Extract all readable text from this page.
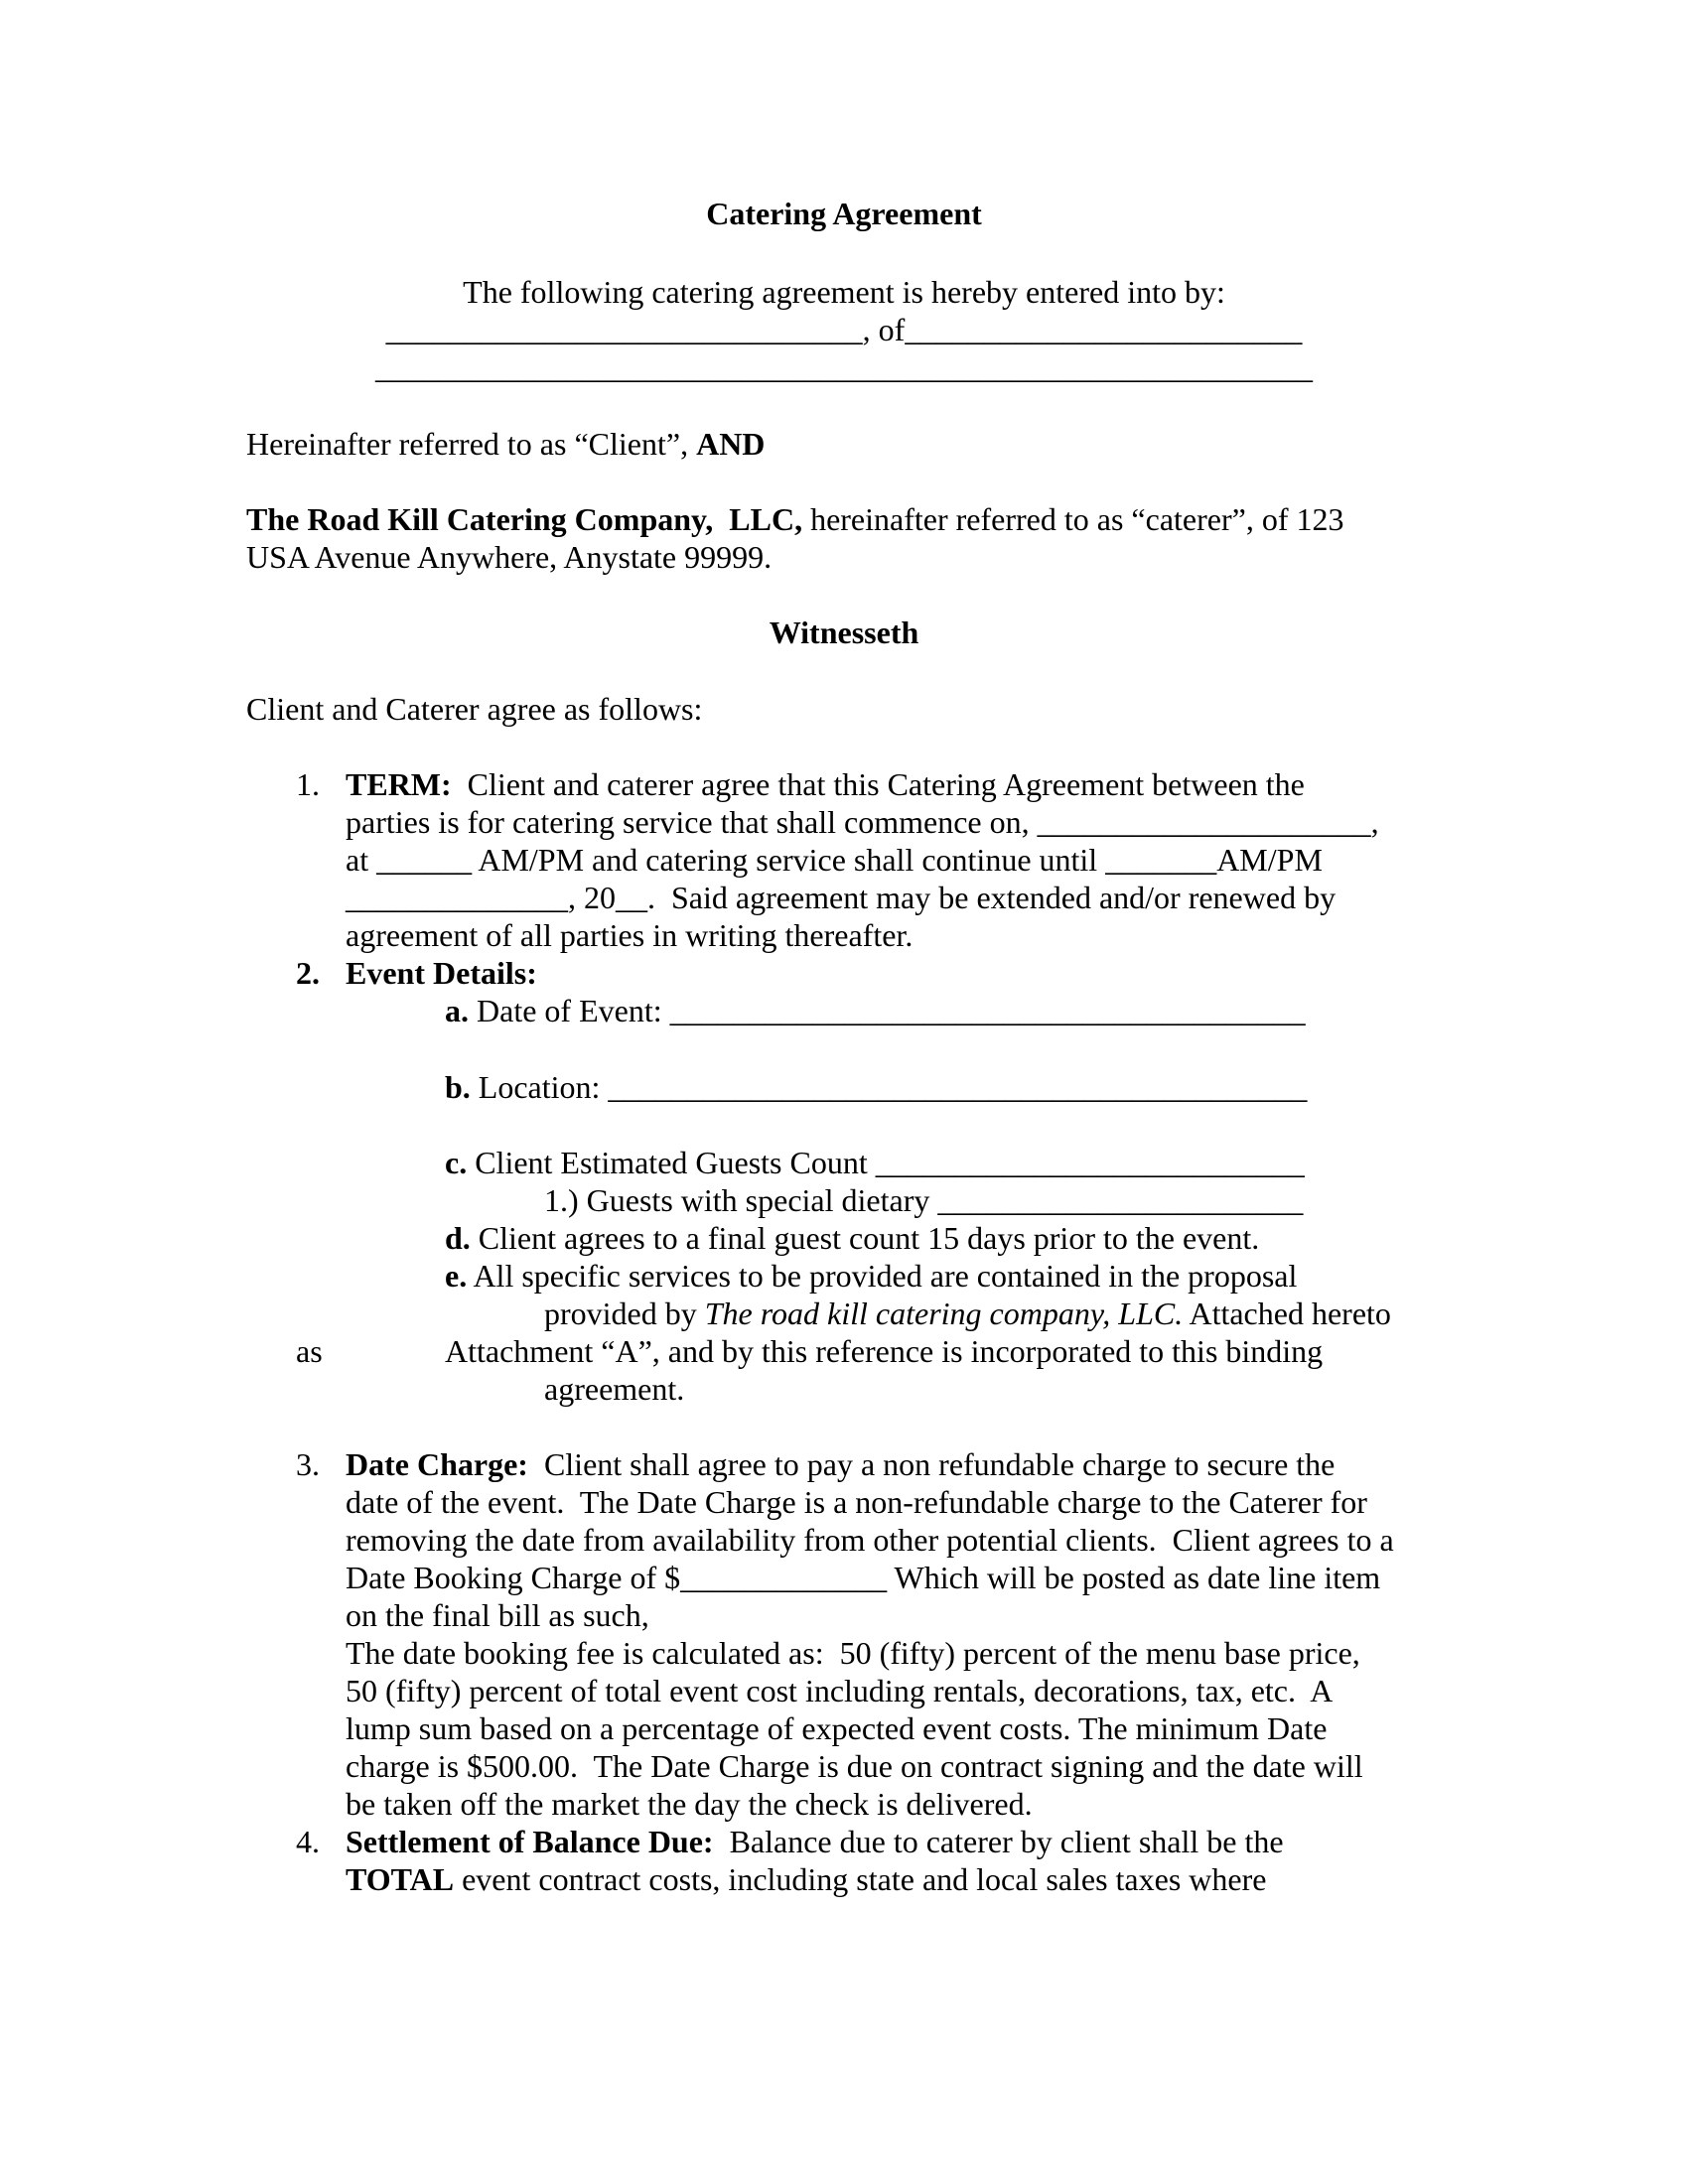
Catering Agreement
The following catering agreement is hereby entered into by:
______________________________, of_________________________
___________________________________________________________
Hereinafter referred to as “Client”, AND
The Road Kill Catering Company,  LLC, hereinafter referred to as “caterer”, of 123
USA Avenue Anywhere, Anystate 99999.
Witnesseth
Client and Caterer agree as follows:
1. TERM:  Client and caterer agree that this Catering Agreement between the
parties is for catering service that shall commence on, _____________________,
at ______ AM/PM and catering service shall continue until _______AM/PM
______________, 20__.  Said agreement may be extended and/or renewed by
agreement of all parties in writing thereafter.
2. Event Details:
a. Date of Event: ________________________________________
b. Location: ____________________________________________
c. Client Estimated Guests Count ___________________________
1.) Guests with special dietary _______________________
d. Client agrees to a final guest count 15 days prior to the event.
e. All specific services to be provided are contained in the proposal
provided by The road kill catering company, LLC. Attached hereto
as	Attachment “A”, and by this reference is incorporated to this binding
agreement.
3. Date Charge:  Client shall agree to pay a non refundable charge to secure the
date of the event.  The Date Charge is a non-refundable charge to the Caterer for
removing the date from availability from other potential clients.  Client agrees to a
Date Booking Charge of $_____________ Which will be posted as date line item
on the final bill as such,
The date booking fee is calculated as:  50 (fifty) percent of the menu base price,
50 (fifty) percent of total event cost including rentals, decorations, tax, etc.  A
lump sum based on a percentage of expected event costs. The minimum Date
charge is $500.00.  The Date Charge is due on contract signing and the date will
be taken off the market the day the check is delivered.
4. Settlement of Balance Due:  Balance due to caterer by client shall be the
TOTAL event contract costs, including state and local sales taxes where
